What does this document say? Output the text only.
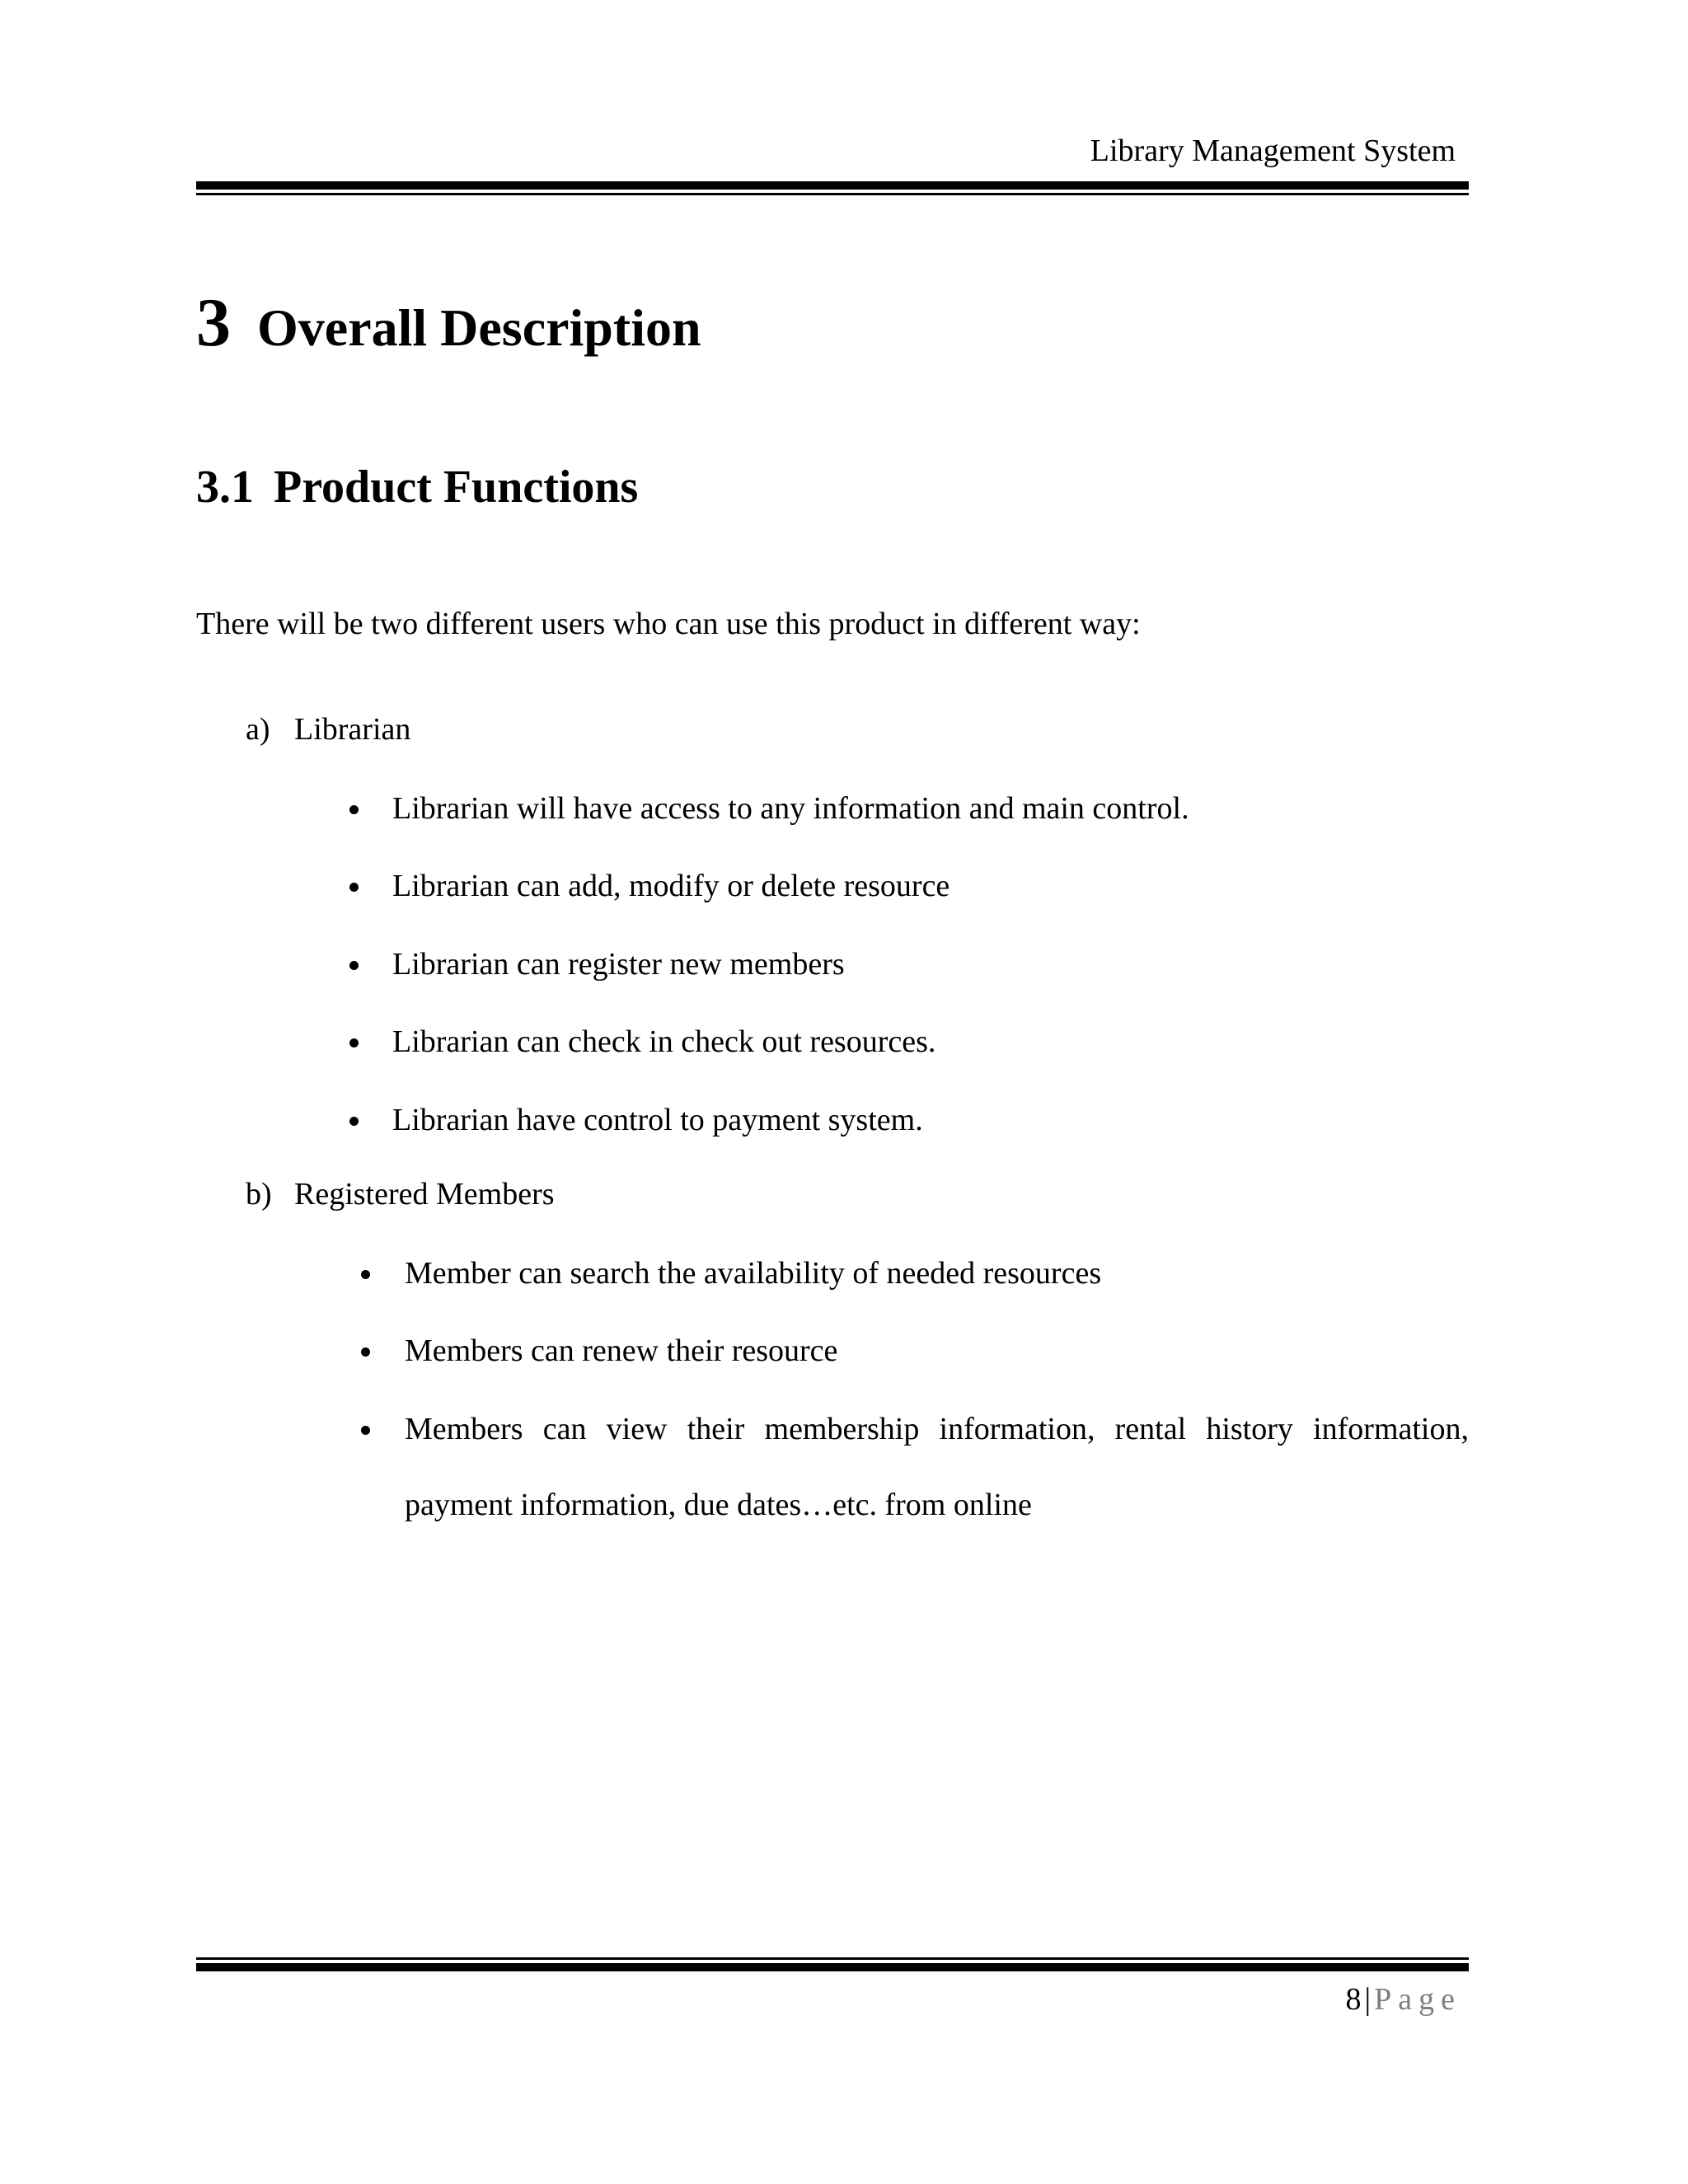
Library Management System
3 Overall Description
3.1 Product Functions
There will be two different users who can use this product in different way:
a) Librarian
Librarian will have access to any information and main control.
Librarian can add, modify or delete resource
Librarian can register new members
Librarian can check in check out resources.
Librarian have control to payment system.
b) Registered Members
Member can search the availability of needed resources
Members can renew their resource
Members can view their membership information, rental history information,
payment information, due dates…etc. from online
8 | Page
